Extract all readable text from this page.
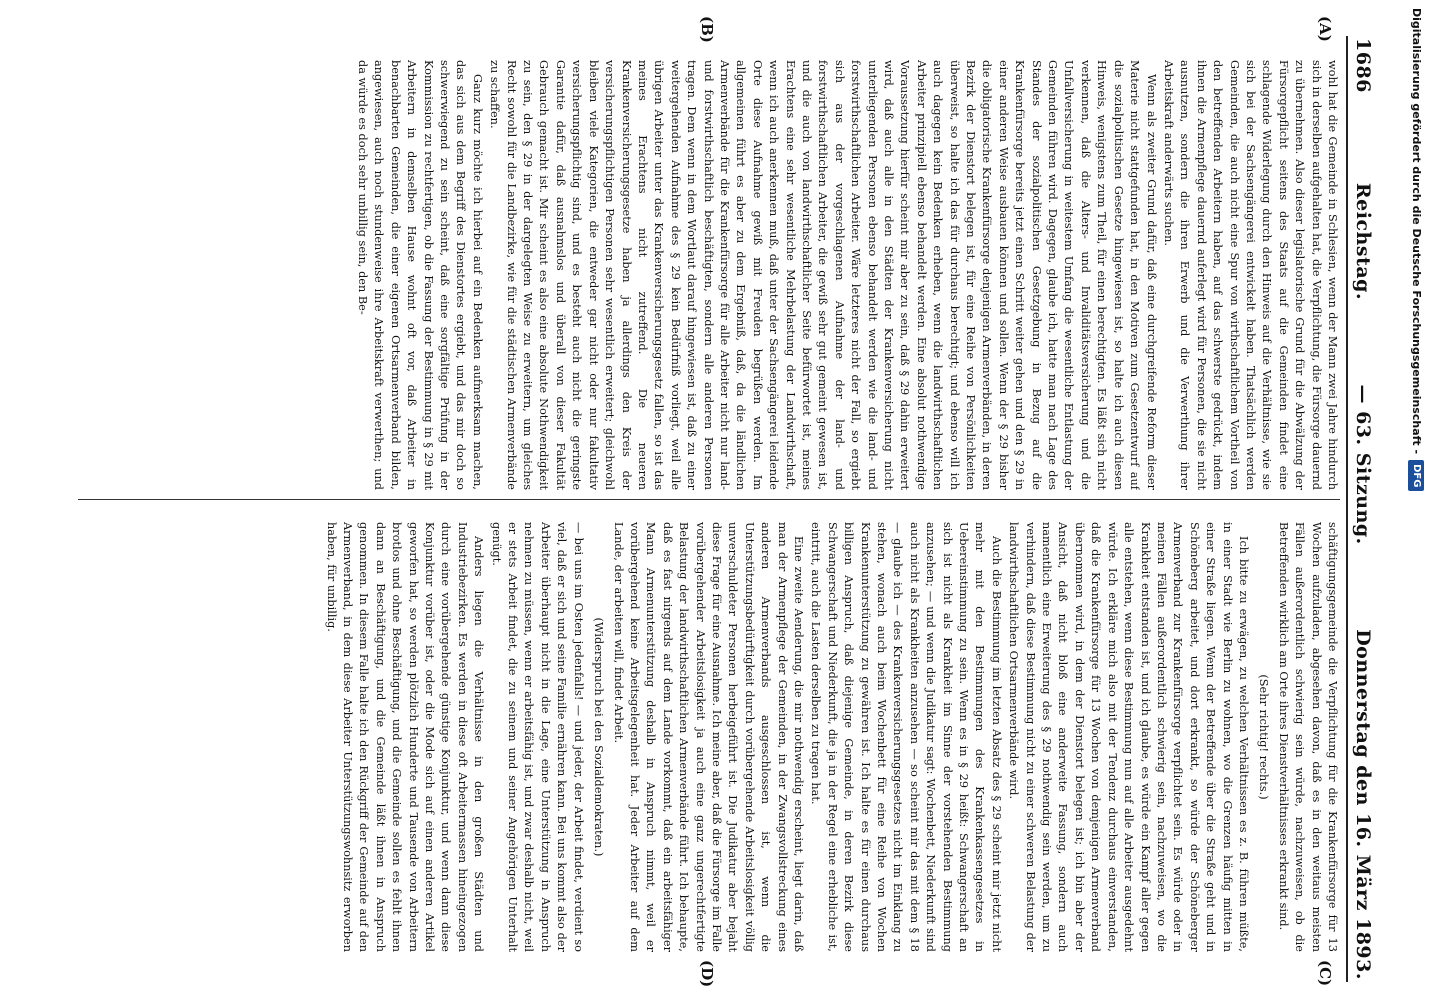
1686
Reichstag.
— 63. Sitzung.
Donnerstag den 16. März 1893.
(A)
(B)
(C)
(D)

wohl hat die Gemeinde in Schlesien, wenn der Mann zwei Jahre hindurch sich in derselben aufgehalten hat, die Verpflichtung, die Fürsorge dauernd zu übernehmen. Also dieser legislatorische Grund für die Abwälzung der Fürsorgepflicht seitens des Staats auf die Gemeinden findet eine schlagende Widerlegung durch den Hinweis auf die Verhältnisse, wie sie sich bei der Sachsengängerei entwickelt haben. Thatsächlich werden Gemeinden, die auch nicht eine Spur von wirthschaftlichem Vortheil von den betreffenden Arbeitern haben, auf das schwerste gedrückt, indem ihnen die Armenpflege dauernd auferlegt wird für Personen, die sie nicht ausnutzen, sondern die ihren Erwerb und die Verwerthung ihrer Arbeitskraft anderwärts suchen.

Wenn als zweiter Grund dafür, daß eine durchgreifende Reform dieser Materie nicht stattgefunden hat, in den Motiven zum Gesetzentwurf auf die sozialpolitischen Gesetze hingewiesen ist, so halte ich auch diesen Hinweis, wenigstens zum Theil, für einen berechtigten. Es läßt sich nicht verkennen, daß die Alters- und Invaliditätsversicherung und die Unfallversicherung in weitestem Umfang die wesentliche Entlastung der Gemeinden führen wird. Dagegen, glaube ich, hatte man nach Lage des Standes der sozialpolitischen Gesetzgebung in Bezug auf die Krankenfürsorge bereits jetzt einen Schritt weiter gehen und den § 29 in einer anderen Weise ausbauen können und sollen. Wenn der § 29 bisher die obligatorische Krankenfürsorge denjenigen Armenverbänden, in deren Bezirk der Dienstort belegen ist, für eine Reihe von Persönlichkeiten überweist, so halte ich das für durchaus berechtigt; und ebenso will ich auch dagegen kein Bedenken erheben, wenn die landwirthschaftlichen Arbeiter prinzipiell ebenso behandelt werden. Eine absolut nothwendige Voraussetzung hierfür scheint mir aber zu sein, daß § 29 dahin erweitert wird, daß auch alle in den Städten der Krankenversicherung nicht unterliegenden Personen ebenso behandelt werden wie die land- und forstwirthschaftlichen Arbeiter. Wäre letzteres nicht der Fall, so ergiebt sich aus der vorgeschlagenen Aufnahme der land- und forstwirthschaftlichen Arbeiter, die gewiß sehr gut gemeint gewesen ist, und die auch von landwirthschaftlicher Seite befürwortet ist, meines Erachtens eine sehr wesentliche Mehrbelastung der Landwirthschaft, wenn ich auch anerkennen muß, daß unter der Sachsengängerei leidende Orte diese Aufnahme gewiß mit Freuden begrüßen werden. Im allgemeinen führt es aber zu dem Ergebniß, daß, da die ländlichen Armenverbände für die Krankenfürsorge für alle Arbeiter nicht nur land- und forstwirthschaftlich beschäftigten, sondern alle anderen Personen tragen. Dem wenn in dem Wortlaut darauf hingewiesen ist, daß zu einer weitergehenden Aufnahme des § 29 kein Bedürfniß vorliegt, weil alle übrigen Arbeiter unter das Krankenversicherungsgesetz fallen, so ist das meines Erachtens nicht zutreffend. Die neueren Krankenversicherungsgesetze haben ja allerdings den Kreis der versicherungspflichtigen Personen sehr wesentlich erweitert; gleichwohl bleiben viele Kategorien, die entweder gar nicht oder nur fakultativ versicherungspflichtig sind, und es besteht auch nicht die geringste Garantie dafür, daß ausnahmslos und überall von dieser Fakultät Gebrauch gemacht ist. Mir scheint es also eine absolute Nothwendigkeit zu sein, den § 29 in der dargelegten Weise zu erweitern, um gleiches Recht sowohl für die Landbezirke, wie für die städtischen Armenverbände zu schaffen.

Ganz kurz möchte ich hierbei auf ein Bedenken aufmerksam machen, das sich aus dem Begriff des Dienstortes ergiebt, und das mir doch so schwerwiegend zu sein scheint, daß eine sorgfältige Prüfung in der Kommission zu rechtfertigen, ob die Fassung der Bestimmung in § 29 mit Arbeitern in demselben Hause wohnt oft vor, daß Arbeiter in benachbarten Gemeinden, die einer eigenen Ortsarmenverband bilden, angewiesen, auch noch stundenweise ihre Arbeitskraft verwerthen; und da würde es doch sehr unbillig sein, den Be-

schäftigungsgemeinde die Verpflichtung für die Krankenfürsorge für 13 Wochen aufzuladen, abgesehen davon, daß es in den weitaus meisten Fällen außerordentlich schwierig sein würde, nachzuweisen, ob die Betreffenden wirklich am Orte ihres Dienstverhältnisses erkrankt sind.

(Sehr richtig! rechts.)

Ich bitte zu erwägen, zu welchen Verhältnissen es z. B. führen müßte, in einer Stadt wie Berlin zu wohnen, wo die Grenzen häufig mitten in einer Straße liegen. Wenn der Betreffende über die Straße geht und in Schöneberg arbeitet, und dort erkrankt, so würde der Schöneberger Armenverband zur Krankenfürsorge verpflichtet sein. Es würde oder in meinen Fällen außerordentlich schwierig sein, nachzuweisen, wo die Krankheit entstanden ist, und ich glaube, es würde ein Kampf aller gegen alle entstehen, wenn diese Bestimmung nun auf alle Arbeiter ausgedehnt würde. Ich erkläre mich also mit der Tendenz durchaus einverstanden, daß die Krankenfürsorge für 13 Wochen von demjenigen Armenverband übernommen wird, in dem der Dienstort belegen ist; ich bin aber der Ansicht, daß nicht bloß eine anderweite Fassung, sondern auch namentlich eine Erweiterung des § 29 nothwendig sein werden, um zu verhindern, daß diese Bestimmung nicht zu einer schweren Belastung der landwirthschaftlichen Ortsarmenverbände wird.

Auch die Bestimmung im letzten Absatz des § 29 scheint mir jetzt nicht mehr mit den Bestimmungen des Krankenkassengesetzes in Uebereinstimmung zu sein. Wenn es in § 29 heißt: Schwangerschaft an sich ist nicht als Krankheit im Sinne der vorstehenden Bestimmung anzusehen; — und wenn die Judikatur sagt: Wochenbett, Niederkunft sind auch nicht als Krankheiten anzusehen — so scheint mir das mit dem § 18 — glaube ich — des Krankenversicherungsgesetzes nicht im Einklang zu stehen, wonach auch beim Wochenbett für eine Reihe von Wochen Krankenunterstützung zu gewähren ist. Ich halte es für einen durchaus billigen Anspruch, daß diejenige Gemeinde, in deren Bezirk diese Schwangerschaft und Niederkunft, die ja in der Regel eine erhebliche ist, eintritt, auch die Lasten derselben zu tragen hat.

Eine zweite Aenderung, die mir nothwendig erscheint, liegt darin, daß man der Armenpflege der Gemeinden, in der Zwangsvollstreckung eines anderen Armenverbands ausgeschlossen ist, wenn die Unterstützungsbedürftigkeit durch vorübergehende Arbeitslosigkeit völlig unverschuldeter Personen herbeigeführt ist. Die Judikatur aber bejaht diese Frage für eine Ausnahme. Ich meine aber, daß die Fürsorge im Falle vorübergehender Arbeitslosigkeit ja auch eine ganz ungerechtfertigte Belastung der landwirthschaftlichen Armenverbände führt. Ich behaupte, daß es fast nirgends auf dem Lande vorkommt, daß ein arbeitsfähiger Mann Armenunterstützung deshalb in Anspruch nimmt, weil er vorübergehend keine Arbeitsgelegenheit hat. Jeder Arbeiter auf dem Lande, der arbeiten will, findet Arbeit.

(Widerspruch bei den Sozialdemokraten.)

— bei uns im Osten jedenfalls! — und jeder, der Arbeit findet, verdient so viel, daß er sich und seine Familie ernähren kann. Bei uns kommt also der Arbeiter überhaupt nicht in die Lage, eine Unterstützung in Anspruch nehmen zu müssen, wenn er arbeitsfähig ist, und zwar deshalb nicht, weil er stets Arbeit findet, die zu seinem und seiner Angehörigen Unterhalt genügt.

Anders liegen die Verhältnisse in den großen Städten und Industriebezirken. Es werden in diese oft Arbeitermassen hineingezogen durch eine vorübergehende günstige Konjunktur, und wenn dann diese Konjunktur vorüber ist, oder die Mode sich auf einen anderen Artikel geworfen hat, so werden plötzlich Hunderte und Tausende von Arbeitern brotlos und ohne Beschäftigung, und die Gemeinde sollen es fehlt ihnen dann an Beschäftigung, und die Gemeinde läßt ihnen in Anspruch genommen. In diesem Falle halte ich den Rückgriff der Gemeinde auf den Armenverband, in dem diese Arbeiter Unterstützungswohnsitz erworben haben, für unbillig.

Digitalisierung gefördert durch die Deutsche Forschungsgemeinschaft -
DFG
